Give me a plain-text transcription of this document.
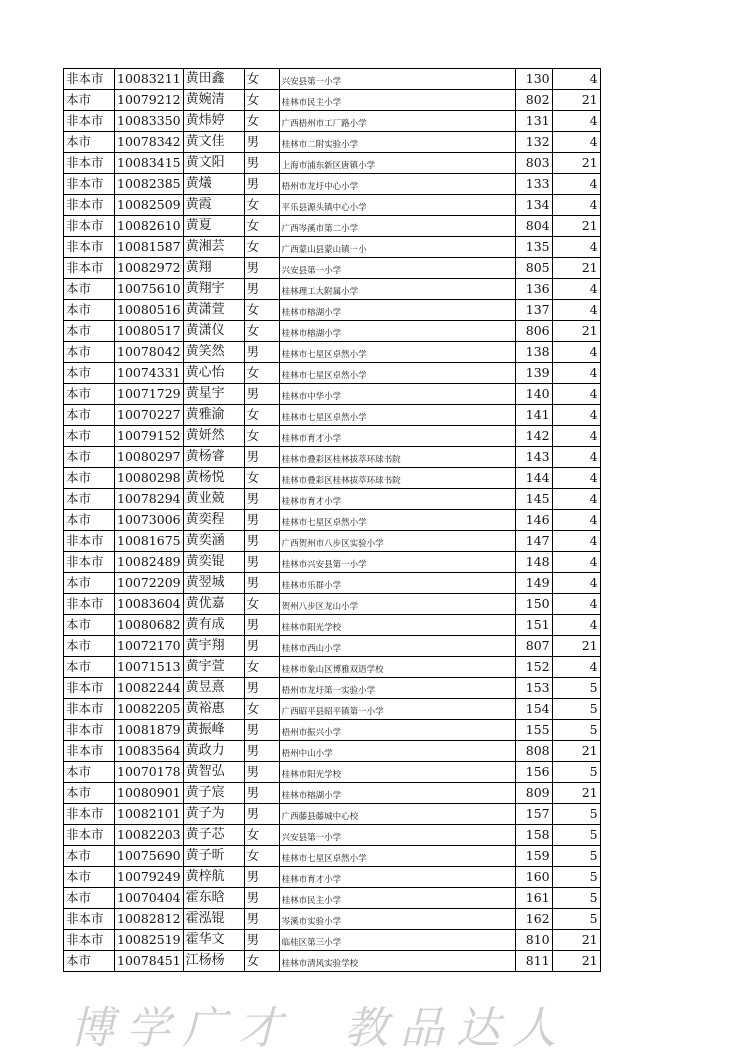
非本市	10083211	黄田鑫	女	兴安县第一小学	130	4
本市	10079212	黄婉清	女	桂林市民主小学	802	21
非本市	10083350	黄炜婷	女	广西梧州市工厂路小学	131	4
本市	10078342	黄文佳	男	桂林市二附实验小学	132	4
非本市	10083415	黄文阳	男	上海市浦东新区唐镇小学	803	21
非本市	10082385	黄燨	男	梧州市龙圩中心小学	133	4
非本市	10082509	黄霞	女	平乐县源头镇中心小学	134	4
非本市	10082610	黄夏	女	广西岑溪市第二小学	804	21
非本市	10081587	黄湘芸	女	广西蒙山县蒙山镇一小	135	4
非本市	10082972	黄翔	男	兴安县第一小学	805	21
本市	10075610	黄翔宇	男	桂林理工大附属小学	136	4
本市	10080516	黄潇萱	女	桂林市榕湖小学	137	4
本市	10080517	黄潇仪	女	桂林市榕湖小学	806	21
本市	10078042	黄笑然	男	桂林市七星区卓然小学	138	4
本市	10074331	黄心怡	女	桂林市七星区卓然小学	139	4
本市	10071729	黄星宇	男	桂林市中华小学	140	4
本市	10070227	黄雅渝	女	桂林市七星区卓然小学	141	4
本市	10079152	黄妍然	女	桂林市育才小学	142	4
本市	10080297	黄杨睿	男	桂林市叠彩区桂林拔萃环球书院	143	4
本市	10080298	黄杨悦	女	桂林市叠彩区桂林拔萃环球书院	144	4
本市	10078294	黄业兢	男	桂林市育才小学	145	4
本市	10073006	黄奕程	男	桂林市七星区卓然小学	146	4
非本市	10081675	黄奕涵	男	广西贺州市八步区实验小学	147	4
非本市	10082489	黄奕锟	男	桂林市兴安县第一小学	148	4
本市	10072209	黄翌城	男	桂林市乐群小学	149	4
非本市	10083604	黄优嘉	女	贺州八步区龙山小学	150	4
本市	10080682	黄有成	男	桂林市阳光学校	151	4
本市	10072170	黄宇翔	男	桂林市西山小学	807	21
本市	10071513	黄宇萱	女	桂林市象山区博雅双语学校	152	4
非本市	10082244	黄昱熹	男	梧州市龙圩第一实验小学	153	5
非本市	10082205	黄裕惠	女	广西昭平县昭平镇第一小学	154	5
非本市	10081879	黄振峰	男	梧州市振兴小学	155	5
非本市	10083564	黄政力	男	梧州中山小学	808	21
本市	10070178	黄智弘	男	桂林市阳光学校	156	5
本市	10080901	黄子宸	男	桂林市榕湖小学	809	21
非本市	10082101	黄子为	男	广西藤县藤城中心校	157	5
非本市	10082203	黄子芯	女	兴安县第一小学	158	5
本市	10075690	黄子昕	女	桂林市七星区卓然小学	159	5
本市	10079249	黄梓航	男	桂林市育才小学	160	5
本市	10070404	霍东晗	男	桂林市民主小学	161	5
非本市	10082812	霍泓锟	男	岑溪市实验小学	162	5
非本市	10082519	霍华文	男	临桂区第三小学	810	21
本市	10078451	江杨杨	女	桂林市清风实验学校	811	21
博学广才 教品达人
